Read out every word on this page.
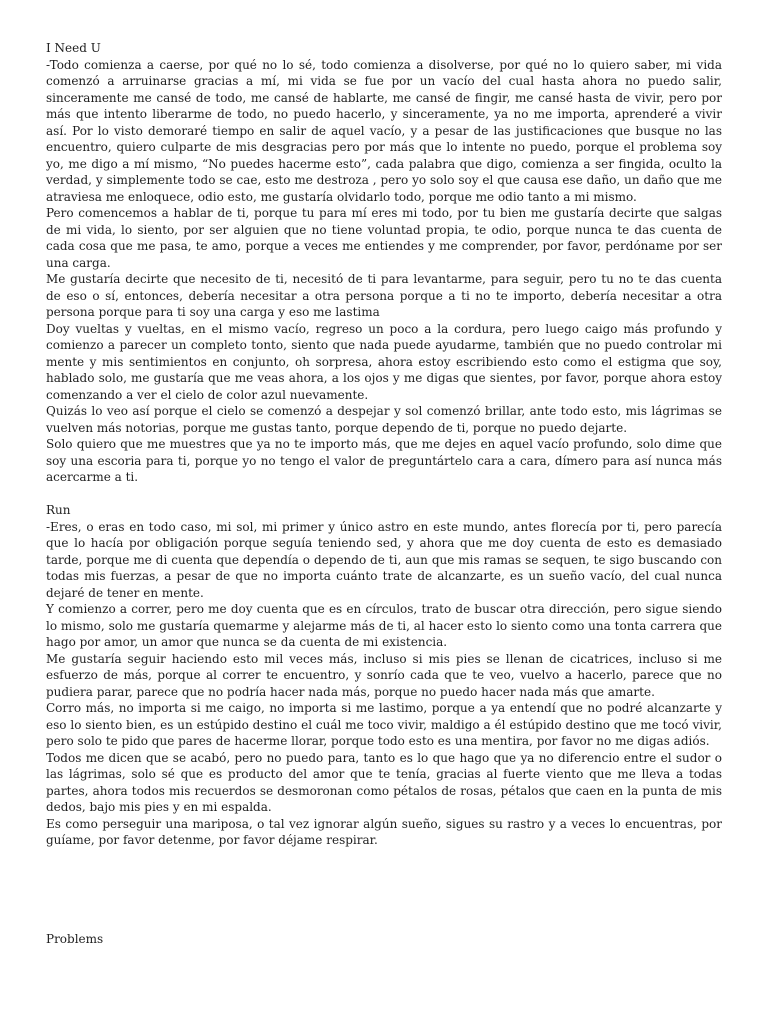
I Need U

-Todo comienza a caerse, por qué no lo sé, todo comienza a disolverse, por qué no lo quiero saber, mi vida comenzó a arruinarse gracias a mí, mi vida se fue por un vacío del cual hasta ahora no puedo salir, sinceramente me cansé de todo, me cansé de hablarte, me cansé de fingir, me cansé hasta de vivir, pero por más que intento liberarme de todo, no puedo hacerlo, y sinceramente, ya no me importa, aprenderé a vivir así. Por lo visto demoraré tiempo en salir de aquel vacío, y a pesar de las justificaciones que busque no las encuentro, quiero culparte de mis desgracias pero por más que lo intente no puedo, porque el problema soy yo, me digo a mí mismo, “No puedes hacerme esto”, cada palabra que digo, comienza a ser fingida, oculto la verdad, y simplemente todo se cae, esto me destroza , pero yo solo soy el que causa ese daño, un daño que me atraviesa me enloquece, odio esto, me gustaría olvidarlo todo, porque me odio tanto a mi mismo.

Pero comencemos a hablar de ti, porque tu para mí eres mi todo, por tu bien me gustaría decirte que salgas de mi vida, lo siento, por ser alguien que no tiene voluntad propia, te odio, porque nunca te das cuenta de cada cosa que me pasa, te amo, porque a veces me entiendes y me comprender, por favor, perdóname por ser una carga.

Me gustaría decirte que necesito de ti, necesitó de ti para levantarme, para seguir, pero tu no te das cuenta de eso o sí, entonces, debería necesitar a otra persona porque a ti no te importo, debería necesitar a otra persona porque para ti soy una carga y eso me lastima

Doy vueltas y vueltas, en el mismo vacío, regreso un poco a la cordura, pero luego caigo más profundo y comienzo a parecer un completo tonto, siento que nada puede ayudarme, también que no puedo controlar mi mente y mis sentimientos en conjunto, oh sorpresa, ahora estoy escribiendo esto como el estigma que soy, hablado solo, me gustaría que me veas ahora, a los ojos y me digas que sientes, por favor, porque ahora estoy comenzando a ver el cielo de color azul nuevamente.

Quizás lo veo así porque el cielo se comenzó a despejar y sol comenzó brillar, ante todo esto, mis lágrimas se vuelven más notorias, porque me gustas tanto, porque dependo de ti, porque no puedo dejarte.

Solo quiero que me muestres que ya no te importo más, que me dejes en aquel vacío profundo, solo dime que soy una escoria para ti, porque yo no tengo el valor de preguntártelo cara a cara, dímero para así nunca más acercarme a ti.

Run

-Eres, o eras en todo caso, mi sol, mi primer y único astro en este mundo, antes florecía por ti, pero parecía que lo hacía por obligación porque seguía teniendo sed, y ahora que me doy cuenta de esto es demasiado tarde, porque me di cuenta que dependía o dependo de ti, aun que mis ramas se sequen, te sigo buscando con todas mis fuerzas, a pesar de que no importa cuánto trate de alcanzarte, es un sueño vacío, del cual nunca dejaré de tener en mente.

Y comienzo a correr, pero me doy cuenta que es en círculos, trato de buscar otra dirección, pero sigue siendo lo mismo, solo me gustaría quemarme y alejarme más de ti, al hacer esto lo siento como una tonta carrera que hago por amor, un amor que nunca se da cuenta de mi existencia.

Me gustaría seguir haciendo esto mil veces más, incluso si mis pies se llenan de cicatrices, incluso si me esfuerzo de más, porque al correr te encuentro, y sonrío cada que te veo, vuelvo a hacerlo, parece que no pudiera parar, parece que no podría hacer nada más, porque no puedo hacer nada más que amarte.

Corro más, no importa si me caigo, no importa si me lastimo, porque a ya entendí que no podré alcanzarte y eso lo siento bien, es un estúpido destino el cuál me toco vivir, maldigo a él estúpido destino que me tocó vivir, pero solo te pido que pares de hacerme llorar, porque todo esto es una mentira, por favor no me digas adiós.

Todos me dicen que se acabó, pero no puedo para, tanto es lo que hago que ya no diferencio entre el sudor o las lágrimas, solo sé que es producto del amor que te tenía, gracias al fuerte viento que me lleva a todas partes, ahora todos mis recuerdos se desmoronan como pétalos de rosas, pétalos que caen en la punta de mis dedos, bajo mis pies y en mi espalda.

Es como perseguir una mariposa, o tal vez ignorar algún sueño, sigues su rastro y a veces lo encuentras, por guíame, por favor detenme, por favor déjame respirar.

Problems
